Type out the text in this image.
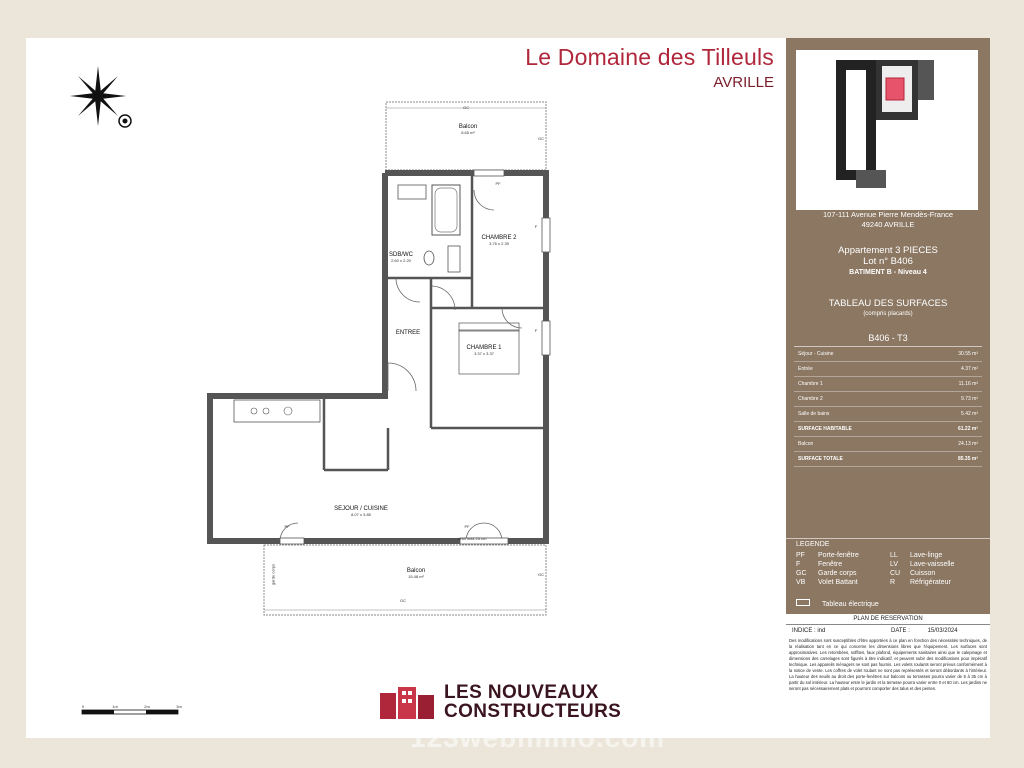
Balcon
8.65 m²
GC
GC
PF
CHAMBRE 2
3.76 x 2.39
F
SDB/WC
2.60 x 2.20
ENTREE
CHAMBRE 1
3.37 x 3.37
F
SEJOUR / CUISINE
8.07 x 3.85
PF	PF
seuil max 25 cm
Balcon
15.48 m²
GC
GC
garde corps
0	1m	2m	3m
Le Domaine des Tilleuls
AVRILLE
107-111 Avenue Pierre Mendès-France
49240 AVRILLE
Appartement 3 PIECES
Lot n° B406
BATIMENT B - Niveau 4
TABLEAU DES SURFACES
(compris placards)
B406 - T3
Séjour - Cuisine	30.55 m²
Entrée	4.37 m²
Chambre 1	11.16 m²
Chambre 2	9.73 m²
Salle de bains	5.42 m²
SURFACE HABITABLE	61.22 m²
Balcon	24.13 m²
SURFACE TOTALE	85.35 m²
LEGENDE
PF	Porte-fenêtre	LL	Lave-linge
F	Fenêtre	LV	Lave-vaisselle
GC	Garde corps	CU	Cuisson
VB	Volet Battant	R	Réfrigérateur
Tableau électrique
PLAN DE RESERVATION
INDICE : ind	DATE :	15/03/2024
Des modifications sont susceptibles d'être apportées à ce plan en fonction des nécessités techniques, de la réalisation tant en ce qui concerne les dimensions libres que l'équipement. Les surfaces sont approximatives. Les retombées, soffites, faux plafond, équipements sanitaires ainsi que le calepinage et dimensions des carrelages sont figurés à titre indicatif, et peuvent subir des modifications pour impératif technique. Les appareils ménagers ne sont pas fournis. Les volets roulants seront prévus conformément à la notice de vente. Les coffres de volet roulant ne sont pas représentés et seront débordants à l'intérieur. La hauteur des seuils au droit des porte-fenêtres sur balcons ou terrasses pourra varier de 5 à 35 cm à partir du sol intérieur. La hauteur entre le jardin et la terrasse pourra varier entre 0 et 60 cm. Les jardins ne seront pas nécessairement plats et pourront comporter des talus et des pentes.
LES NOUVEAUX
CONSTRUCTEURS
123webimmo.com
